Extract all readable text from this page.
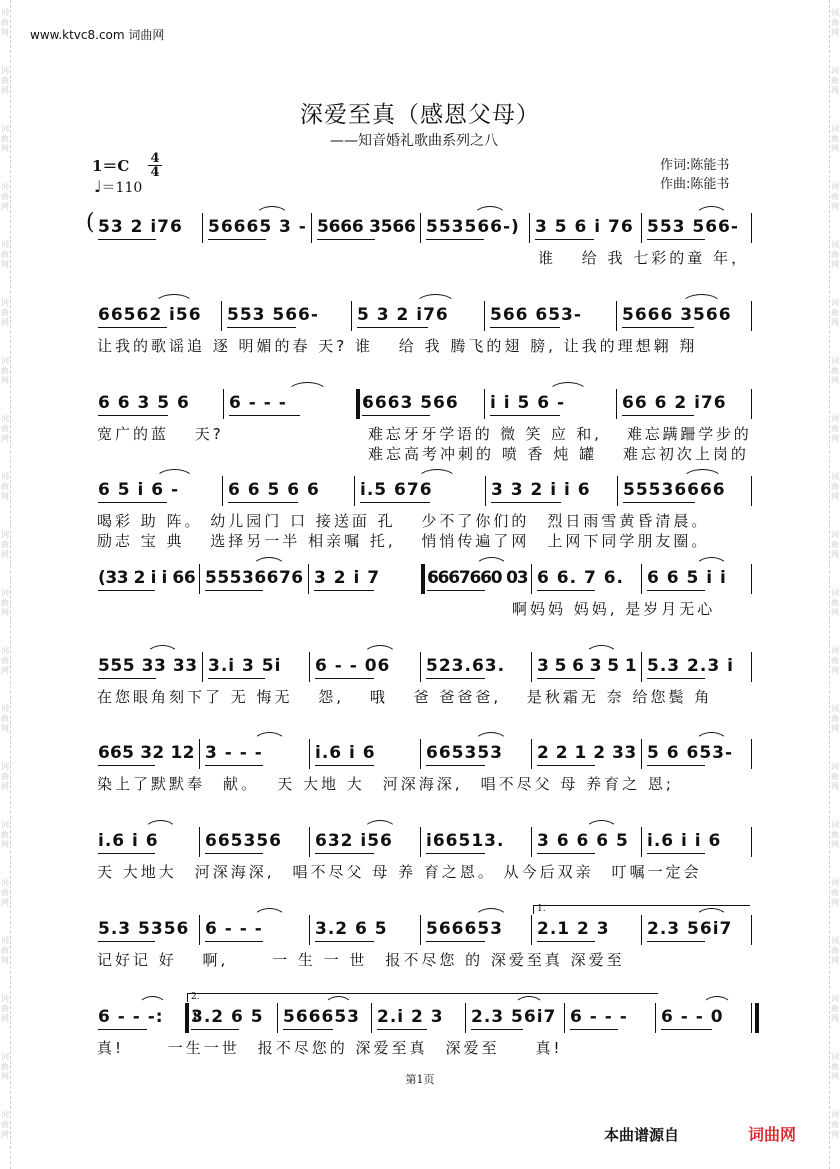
词
曲
网
词
曲
网
词
曲
网
词
曲
网
词
曲
网
词
曲
网
词
曲
网
词
曲
网
词
曲
网
词
曲
网
词
曲
网
词
曲
网
词
曲
网
词
曲
网
词
曲
网
词
曲
网
词
曲
网
词
曲
网
词
曲
网
词
曲
网
词
曲
网
词
曲
网
词
曲
网
词
曲
网
词
曲
网
词
曲
网
词
曲
网
词
曲
网
词
曲
网
词
曲
网
词
曲
网
词
曲
网
词
曲
网
词
曲
网
词
曲
网
词
曲
网
词
曲
网
词
曲
网
词
曲
网
词
曲
网
www.ktvc8.com 词曲网
深爱至真（感恩父母）
——知音婚礼歌曲系列之八
1＝C 4
4
♩＝110
作词:陈能书
作曲:陈能书
53 2 i76 56665 3 - 5666 3566 553566-) 3 5 6 i 76 553 566-
谁　 给 我 七彩的童 年，
66562 i56 553 566- 5 3 2 i76 566 653- 5666 3566
让我的歌谣追 逐 明媚的春 天? 谁　 给 我 腾飞的翅 膀, 让我的理想翱 翔
:
6 6 3 5 6 6 - - -	6663 566 i i 5 6 -	66 6 2 i76
宽广的蓝　 天?	难忘牙牙学语的 微 笑 应 和, 　难忘蹒跚学步的
难忘高考冲刺的 喷 香 炖 罐　 难忘初次上岗的
6 5 i 6 -	6 6 5 6 6 i.5 676	3 3 2 i i 6 55536666
喝彩 助 阵。 幼儿园门 口 接送面 孔　 少不了你们的　烈日雨雪黄昏清晨。
励志 宝 典　 选择另一半 相亲嘱 托,　 悄悄传遍了网　上网下同学朋友圈。
:
(33 2 i i 66 55536676 3 2 i 7	6667660 03 6 6. 7 6. 6 6 5 i i
啊妈妈 妈妈, 是岁月无心
555 33 33 3.i 3 5i 6 - - 06 523.63. 3 5 6 3 5 1 5.3 2.3 i
在您眼角刻下了 无 悔无　 怨,　 哦　 爸 爸爸爸,　 是秋霜无 奈 给您鬓 角
665 32 12 3 - - -	i.6 i 6	665353 2 2 1 2 33 5 6 653-
染上了默默奉　献。　 天 大地 大　河深海深,　唱不尽父 母 养育之 恩;
i.6 i 6	665356 632 i56 i66513. 3 6 6 6 5 i.6 i i 6
天 大地大　河深海深,　唱不尽父 母 养 育之恩。 从今后双亲　叮嘱一定会
5.3 5356 6 - - -	3.2 6 5 566653 2.1 2 3 2.3 56i7
1.
记好记 好　 啊,　　 一 生 一 世　报不尽您 的 深爱至真 深爱至
:
6 - - -: 3.2 6 5 566653 2.i 2 3 2.3 56i7 6 - - - 6 - - 0
2.
真!　　 一生一世　报不尽您的 深爱至真　深爱至　　真!
(
第1页
本曲谱源自	词曲网
